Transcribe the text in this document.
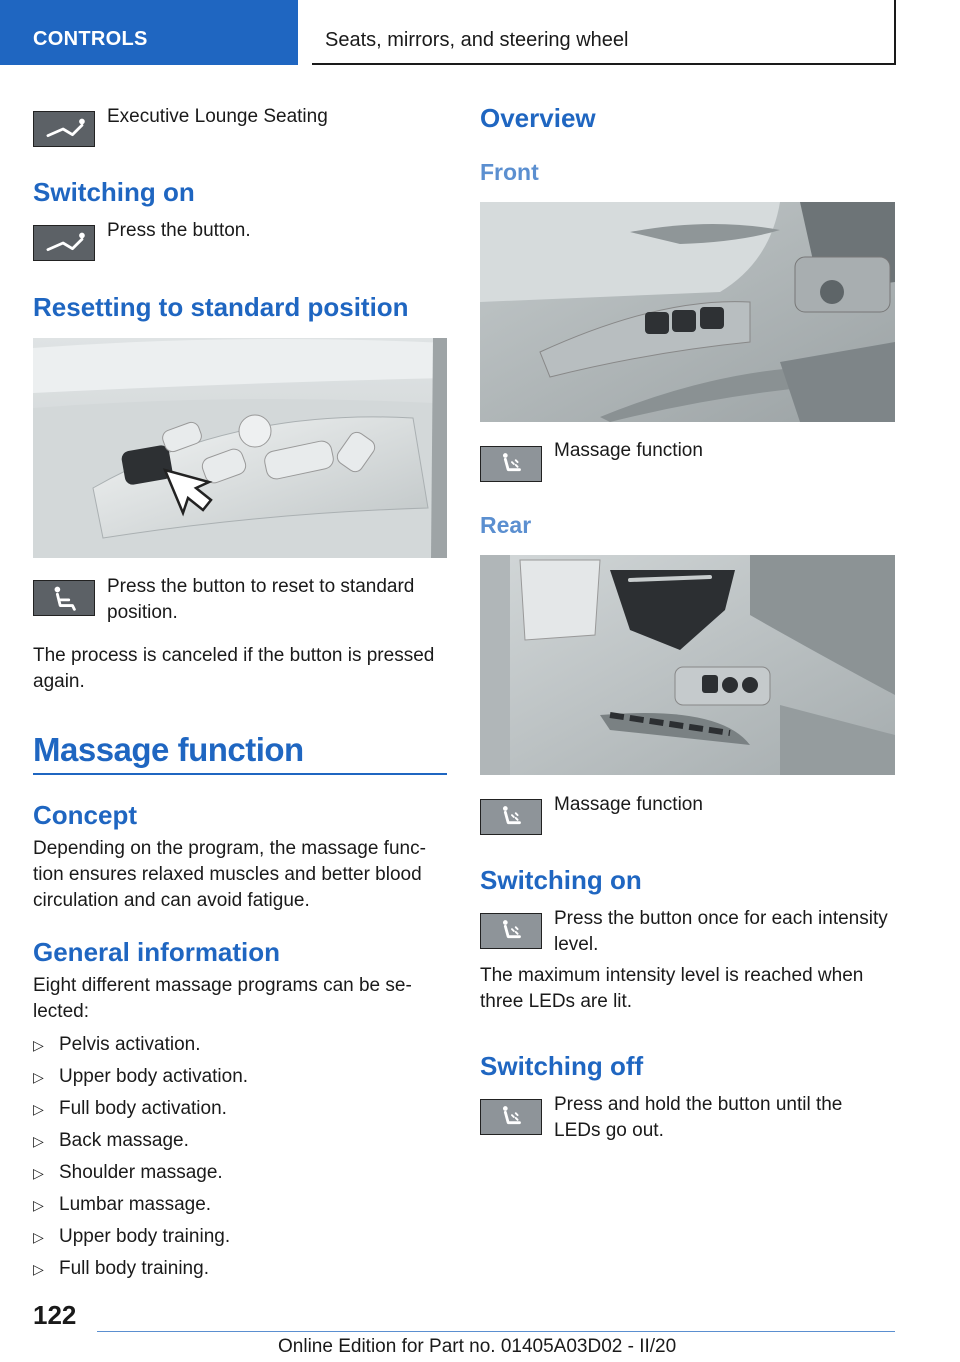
CONTROLS	Seats, mirrors, and steering wheel
Executive Lounge Seating
Switching on
Press the button.
Resetting to standard position
Press the button to reset to standard position.
The process is canceled if the button is pressed again.
Massage function
Concept
Depending on the program, the massage func-tion ensures relaxed muscles and better blood circulation and can avoid fatigue.
General information
Eight different massage programs can be se-lected:
▷ Pelvis activation.
▷ Upper body activation.
▷ Full body activation.
▷ Back massage.
▷ Shoulder massage.
▷ Lumbar massage.
▷ Upper body training.
▷ Full body training.
Overview
Front
Massage function
Rear
Massage function
Switching on
Press the button once for each intensity level.
The maximum intensity level is reached when three LEDs are lit.
Switching off
Press and hold the button until the LEDs go out.
122
Online Edition for Part no. 01405A03D02 - II/20
